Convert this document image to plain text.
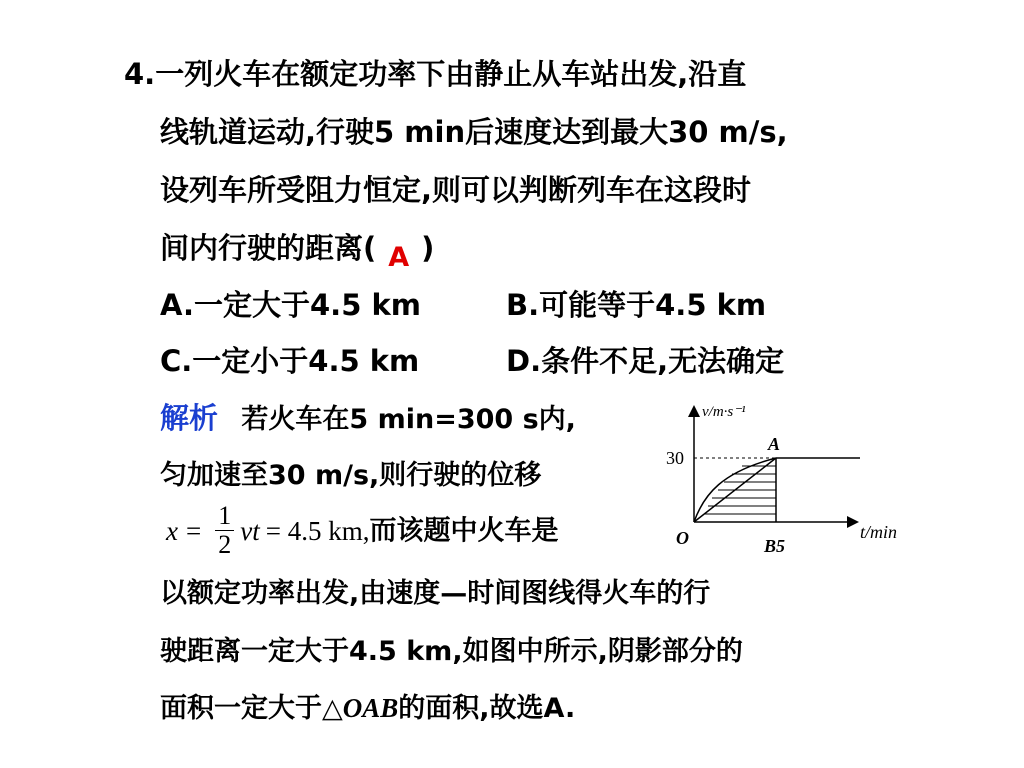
4.一列火车在额定功率下由静止从车站出发,沿直
线轨道运动,行驶5 min后速度达到最大30 m/s,
设列车所受阻力恒定,则可以判断列车在这段时
间内行驶的距离( A )
A.一定大于4.5 km	B.可能等于4.5 km
C.一定小于4.5 km	D.条件不足,无法确定
解析 若火车在5 min=300 s内,
匀加速至30 m/s,则行驶的位移
$x = \frac{1}{2}$ vt = 4.5 km, 而该题中火车是
以额定功率出发,由速度—时间图线得火车的行
驶距离一定大于4.5 km,如图中所示,阴影部分的
面积一定大于△OAB的面积,故选A.
v/m·s⁻¹
30
A
O	B5
t/min
